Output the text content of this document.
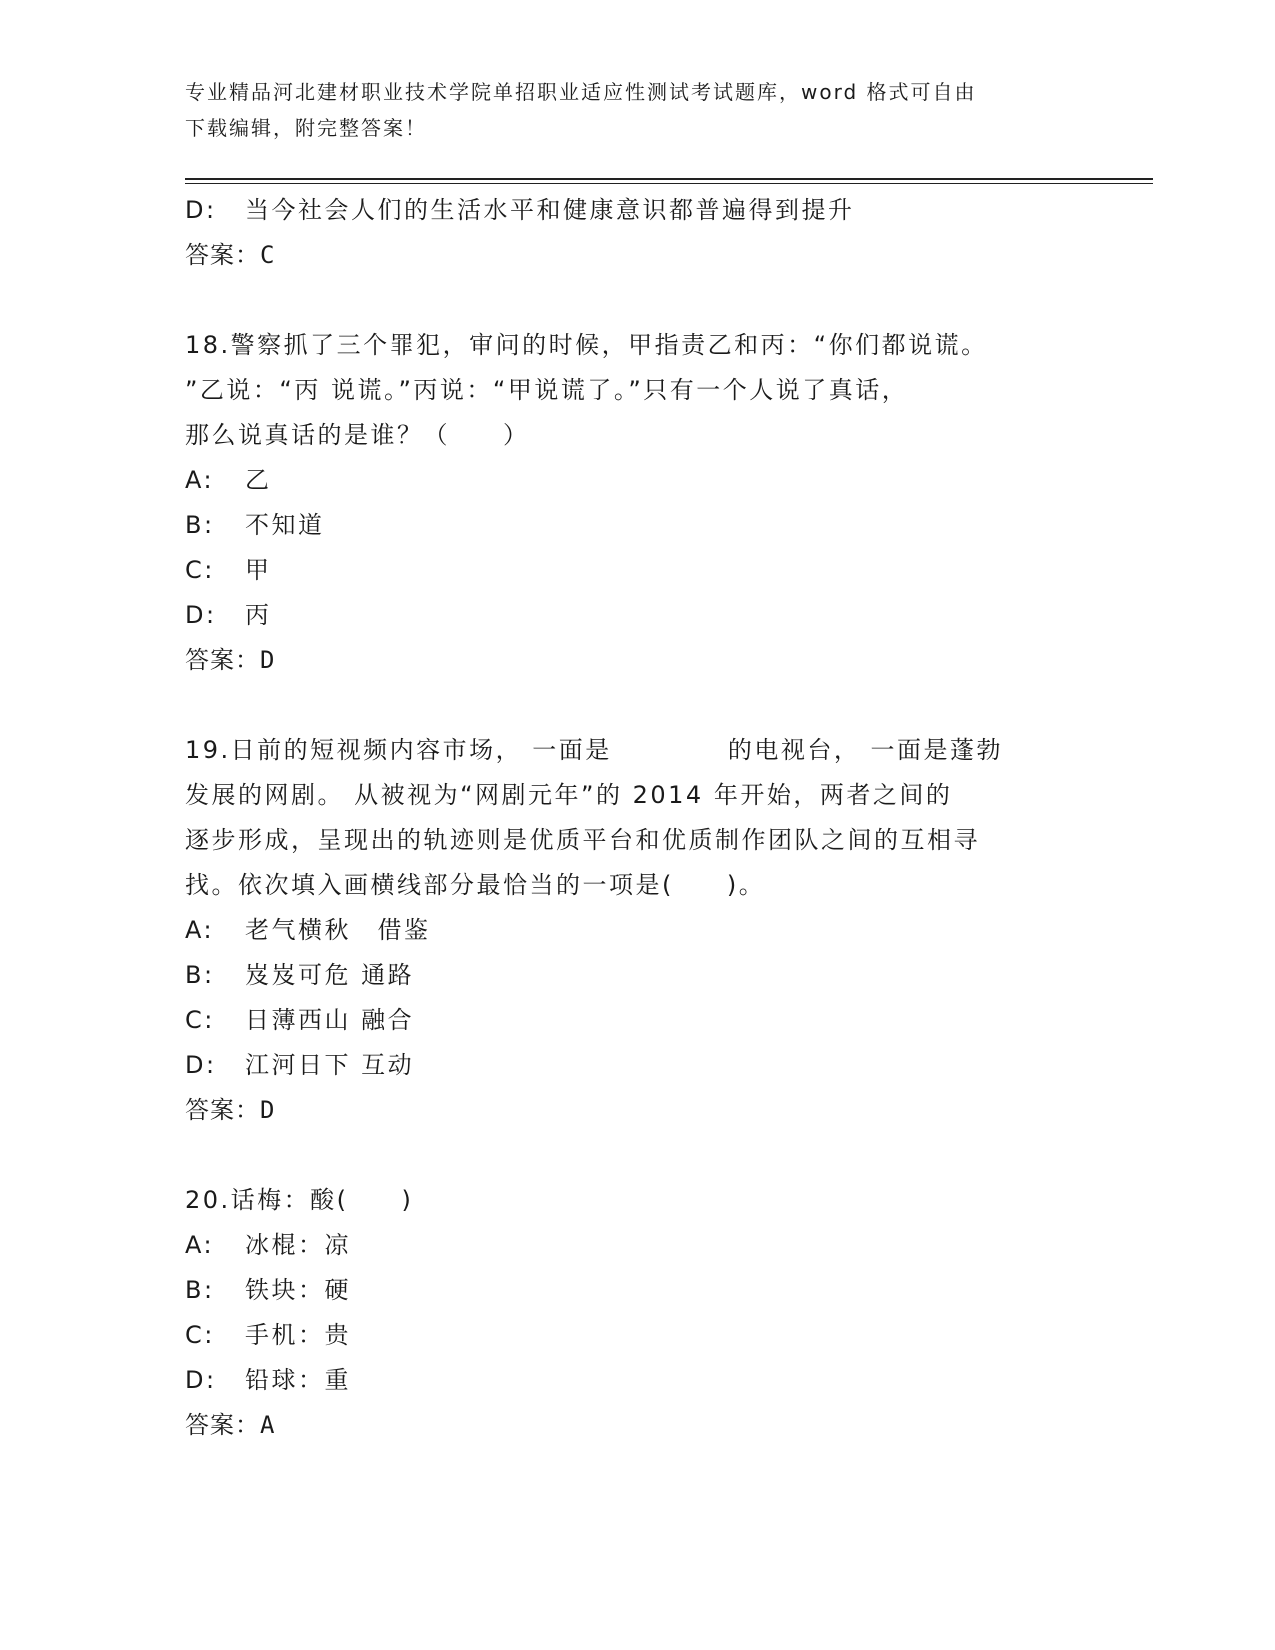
专业精品河北建材职业技术学院单招职业适应性测试考试题库，word 格式可自由
下载编辑，附完整答案！
D:	当今社会人们的生活水平和健康意识都普遍得到提升
答案：C
18.警察抓了三个罪犯，审问的时候，甲指责乙和丙：“你们都说谎。
”乙说：“丙 说谎。”丙说：“甲说谎了。”只有一个人说了真话，
那么说真话的是谁？（　　）
A:	乙
B:	不知道
C:	甲
D:	丙
答案：D
19.日前的短视频内容市场， 一面是　　　　 的电视台， 一面是蓬勃
发展的网剧。 从被视为“网剧元年”的 2014 年开始，两者之间的
逐步形成，呈现出的轨迹则是优质平台和优质制作团队之间的互相寻
找。依次填入画横线部分最恰当的一项是(　　)。
A:	老气横秋　借鉴
B:	岌岌可危 通路
C:	日薄西山 融合
D:	江河日下 互动
答案：D
20.话梅：酸(　　)
A:	冰棍：凉
B:	铁块：硬
C:	手机：贵
D:	铅球：重
答案：A
